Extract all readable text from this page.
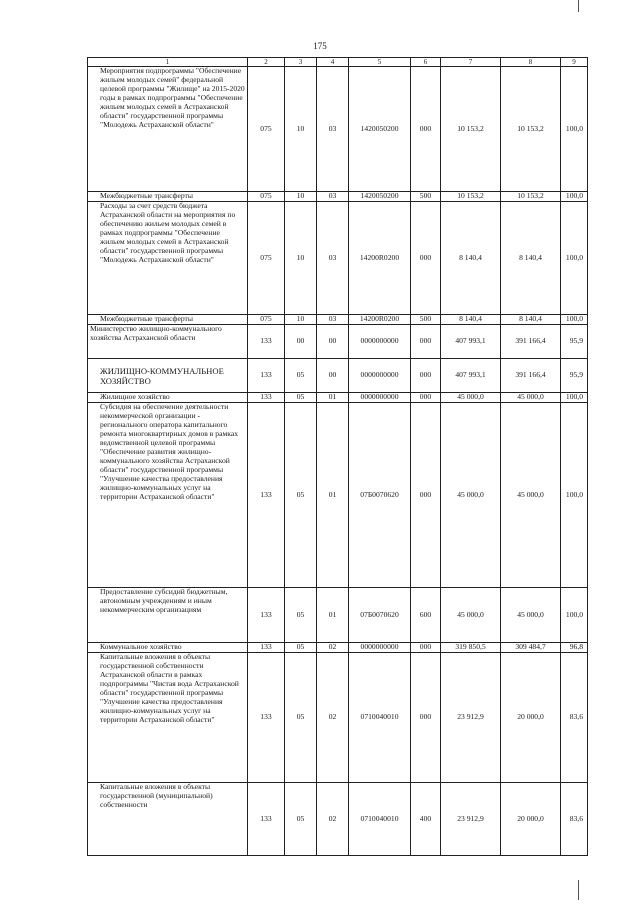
175
1	2	3	4	5	6	7	8	9
Мероприятия подпрограммы "Обеспечение жильем молодых семей" федеральной целевой программы "Жилище" на 2015-2020 годы в рамках подпрограммы "Обеспечение жильем молодых семей в Астраханской области" государственной программы "Молодежь Астраханской области"	075	10	03	1420050200	000	10 153,2	10 153,2	100,0
Межбюджетные трансферты	075	10	03	1420050200	500	10 153,2	10 153,2	100,0
Расходы за счет средств бюджета Астраханской области на мероприятия по обеспечению жильем молодых семей в рамках подпрограммы "Обеспечение жильем молодых семей в Астраханской области" государственной программы "Молодежь Астраханской области"	075	10	03	14200R0200	000	8 140,4	8 140,4	100,0
Межбюджетные трансферты	075	10	03	14200R0200	500	8 140,4	8 140,4	100,0
Министерство жилищно-коммунального хозяйства Астраханской области	133	00	00	0000000000	000	407 993,1	391 166,4	95,9
ЖИЛИЩНО-КОММУНАЛЬНОЕ ХОЗЯЙСТВО	133	05	00	0000000000	000	407 993,1	391 166,4	95,9
Жилищное хозяйство	133	05	01	0000000000	000	45 000,0	45 000,0	100,0
Субсидия на обеспечение деятельности некоммерческой организации - регионального оператора капитального ремонта многоквартирных домов в рамках ведомственной целевой программы "Обеспечение развития жилищно-коммунального хозяйства Астраханской области" государственной программы "Улучшение качества предоставления жилищно-коммунальных услуг на территории Астраханской области"	133	05	01	07Б0070620	000	45 000,0	45 000,0	100,0
Предоставление субсидий бюджетным, автономным учреждениям и иным некоммерческим организациям	133	05	01	07Б0070620	600	45 000,0	45 000,0	100,0
Коммунальное хозяйство	133	05	02	0000000000	000	319 850,5	309 484,7	96,8
Капитальные вложения в объекты государственной собственности Астраханской области в рамках подпрограммы "Чистая вода Астраханской области" государственной программы "Улучшение качества предоставления жилищно-коммунальных услуг на территории Астраханской области"	133	05	02	0710040010	000	23 912,9	20 000,0	83,6
Капитальные вложения в объекты государственной (муниципальной) собственности	133	05	02	0710040010	400	23 912,9	20 000,0	83,6
